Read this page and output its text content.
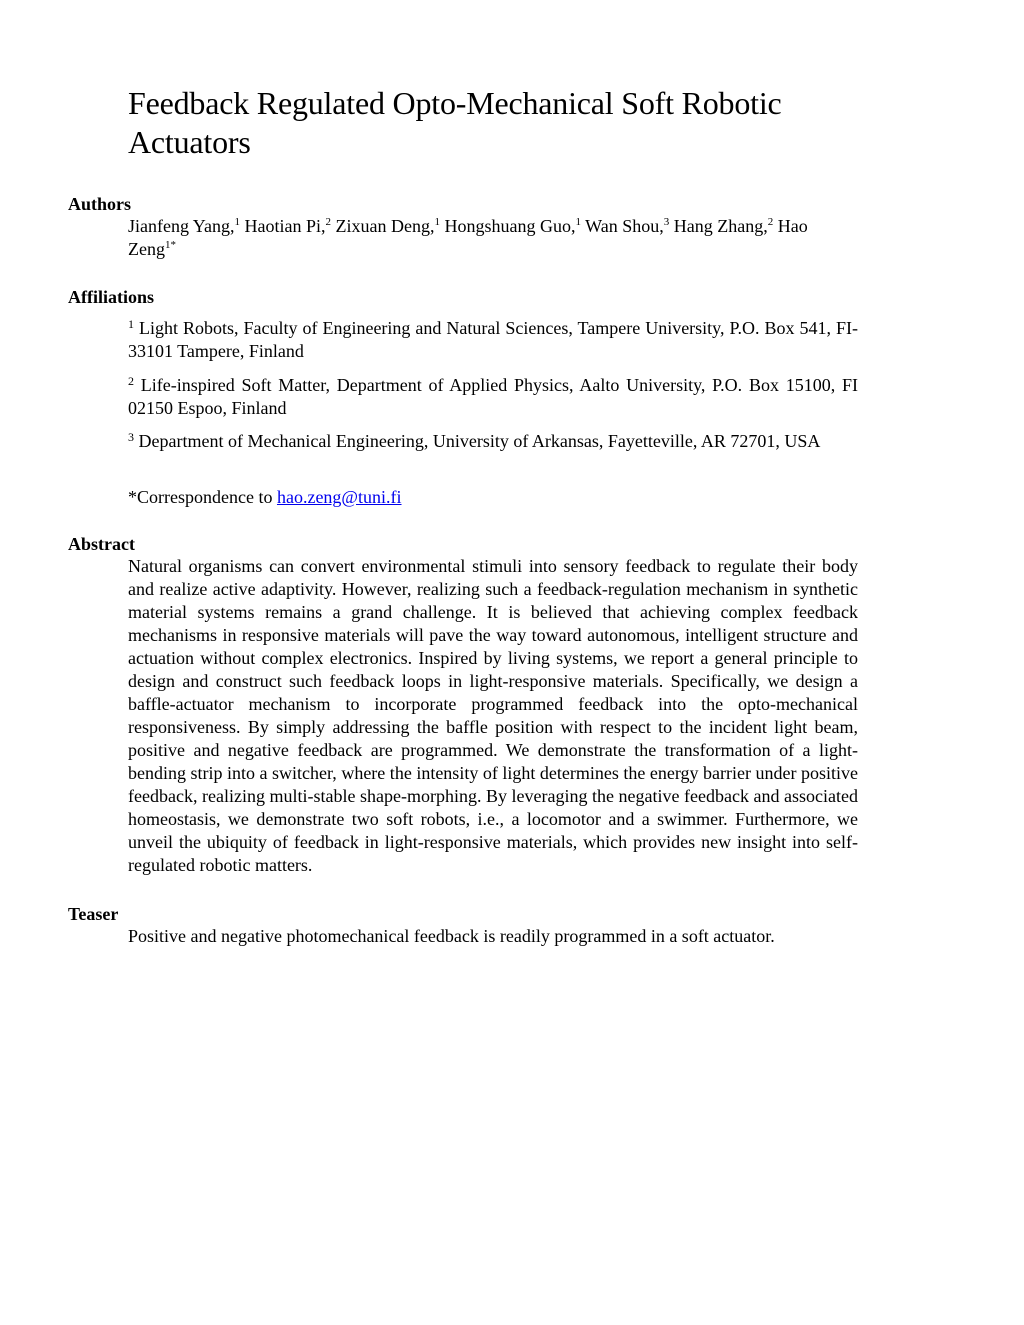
Feedback Regulated Opto-Mechanical Soft Robotic Actuators
Authors
Jianfeng Yang,$^1$ Haotian Pi,$^2$ Zixuan Deng,$^1$ Hongshuang Guo,$^1$ Wan Shou,$^3$ Hang Zhang,$^2$ Hao Zeng$^{1*}$
Affiliations
$^1$ Light Robots, Faculty of Engineering and Natural Sciences, Tampere University, P.O. Box 541, FI-33101 Tampere, Finland
$^2$ Life-inspired Soft Matter, Department of Applied Physics, Aalto University, P.O. Box 15100, FI 02150 Espoo, Finland
$^3$ Department of Mechanical Engineering, University of Arkansas, Fayetteville, AR 72701, USA
*Correspondence to hao.zeng@tuni.fi
Abstract
Natural organisms can convert environmental stimuli into sensory feedback to regulate their body and realize active adaptivity. However, realizing such a feedback-regulation mechanism in synthetic material systems remains a grand challenge. It is believed that achieving complex feedback mechanisms in responsive materials will pave the way toward autonomous, intelligent structure and actuation without complex electronics. Inspired by living systems, we report a general principle to design and construct such feedback loops in light-responsive materials. Specifically, we design a baffle-actuator mechanism to incorporate programmed feedback into the opto-mechanical responsiveness. By simply addressing the baffle position with respect to the incident light beam, positive and negative feedback are programmed. We demonstrate the transformation of a light-bending strip into a switcher, where the intensity of light determines the energy barrier under positive feedback, realizing multi-stable shape-morphing. By leveraging the negative feedback and associated homeostasis, we demonstrate two soft robots, i.e., a locomotor and a swimmer. Furthermore, we unveil the ubiquity of feedback in light-responsive materials, which provides new insight into self-regulated robotic matters.
Teaser
Positive and negative photomechanical feedback is readily programmed in a soft actuator.
